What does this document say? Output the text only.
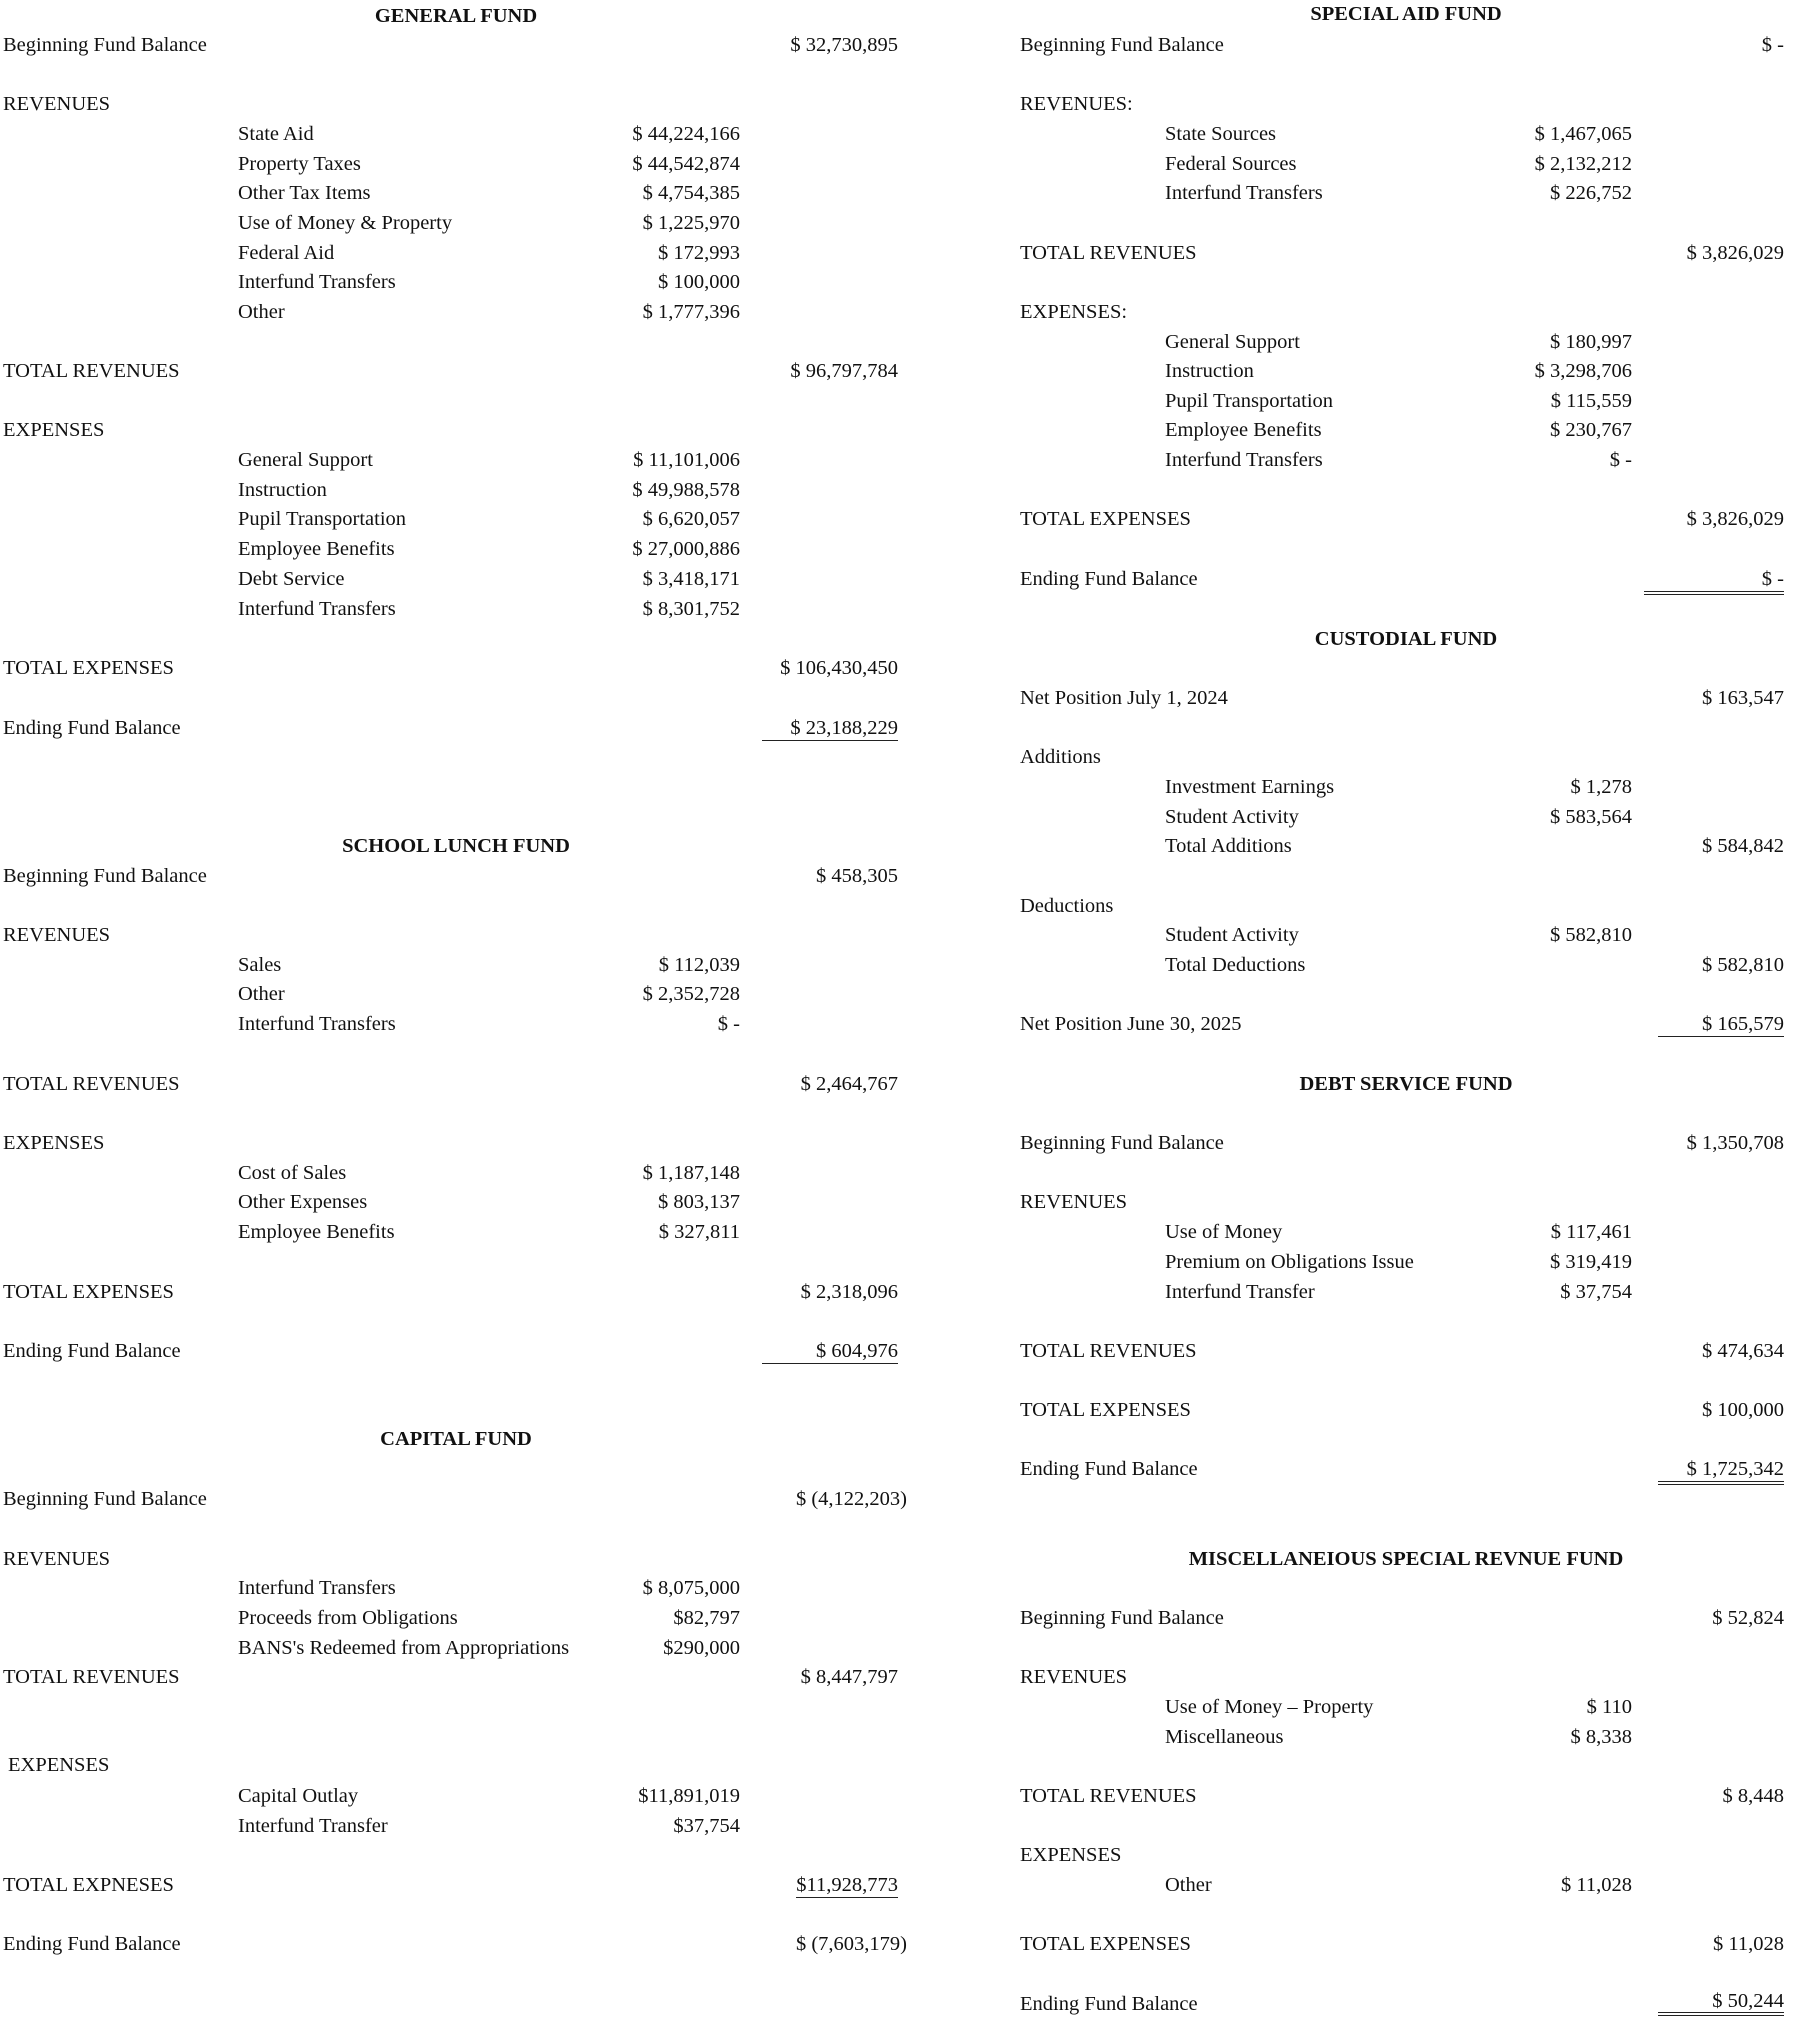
GENERAL FUND
Beginning Fund Balance	$ 32,730,895
REVENUES
State Aid	$ 44,224,166
Property Taxes	$ 44,542,874
Other Tax Items	$ 4,754,385
Use of Money & Property	$ 1,225,970
Federal Aid	$ 172,993
Interfund Transfers	$ 100,000
Other	$ 1,777,396
TOTAL REVENUES	$ 96,797,784
EXPENSES
General Support	$ 11,101,006
Instruction	$ 49,988,578
Pupil Transportation	$ 6,620,057
Employee Benefits	$ 27,000,886
Debt Service	$ 3,418,171
Interfund Transfers	$ 8,301,752
TOTAL EXPENSES	$ 106,430,450
Ending Fund Balance	$ 23,188,229
SCHOOL LUNCH FUND
Beginning Fund Balance	$ 458,305
REVENUES
Sales	$ 112,039
Other	$ 2,352,728
Interfund Transfers	$ -
TOTAL REVENUES	$ 2,464,767
EXPENSES
Cost of Sales	$ 1,187,148
Other Expenses	$ 803,137
Employee Benefits	$ 327,811
TOTAL EXPENSES	$ 2,318,096
Ending Fund Balance	$ 604,976
CAPITAL FUND
Beginning Fund Balance	$ (4,122,203)
REVENUES
Interfund Transfers	$ 8,075,000
Proceeds from Obligations	$82,797
BANS's Redeemed from Appropriations	$290,000
TOTAL REVENUES	$ 8,447,797
EXPENSES
Capital Outlay	$11,891,019
Interfund Transfer	$37,754
TOTAL EXPNESES	$11,928,773
Ending Fund Balance	$ (7,603,179)
SPECIAL AID FUND
Beginning Fund Balance	$ -
REVENUES:
State Sources	$ 1,467,065
Federal Sources	$ 2,132,212
Interfund Transfers	$ 226,752
TOTAL REVENUES	$ 3,826,029
EXPENSES:
General Support	$ 180,997
Instruction	$ 3,298,706
Pupil Transportation	$ 115,559
Employee Benefits	$ 230,767
Interfund Transfers	$ -
TOTAL EXPENSES	$ 3,826,029
Ending Fund Balance	$ -
CUSTODIAL FUND
Net Position July 1, 2024	$ 163,547
Additions
Investment Earnings	$ 1,278
Student Activity	$ 583,564
Total Additions	$ 584,842
Deductions
Student Activity	$ 582,810
Total Deductions	$ 582,810
Net Position June 30, 2025	$ 165,579
DEBT SERVICE FUND
Beginning Fund Balance	$ 1,350,708
REVENUES
Use of Money	$ 117,461
Premium on Obligations Issue	$ 319,419
Interfund Transfer	$ 37,754
TOTAL REVENUES	$ 474,634
TOTAL EXPENSES	$ 100,000
Ending Fund Balance	$ 1,725,342
MISCELLANEIOUS SPECIAL REVNUE FUND
Beginning Fund Balance	$ 52,824
REVENUES
Use of Money – Property	$ 110
Miscellaneous	$ 8,338
TOTAL REVENUES	$ 8,448
EXPENSES
Other	$ 11,028
TOTAL EXPENSES	$ 11,028
Ending Fund Balance	$ 50,244
